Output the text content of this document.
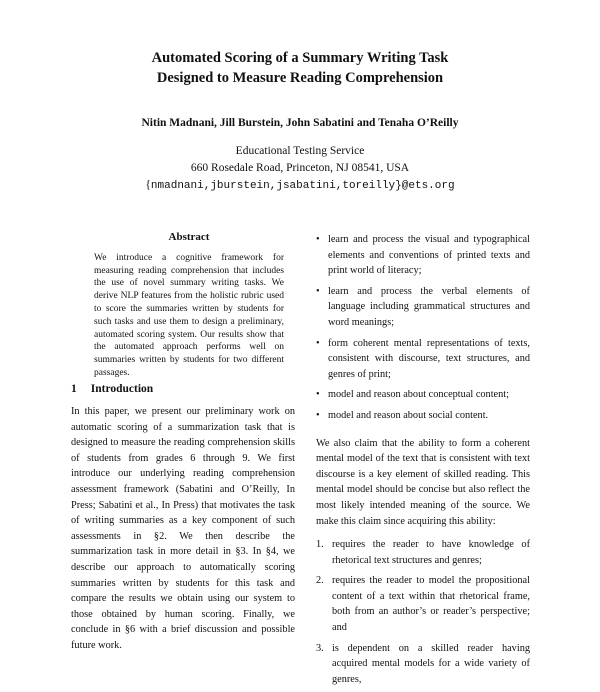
Automated Scoring of a Summary Writing Task
Designed to Measure Reading Comprehension
Nitin Madnani, Jill Burstein, John Sabatini and Tenaha O’Reilly
Educational Testing Service
660 Rosedale Road, Princeton, NJ 08541, USA
{nmadnani,jburstein,jsabatini,toreilly}@ets.org
Abstract

We introduce a cognitive framework for measuring reading comprehension that includes the use of novel summary writing tasks. We derive NLP features from the holistic rubric used to score the summaries written by students for such tasks and use them to design a preliminary, automated scoring system. Our results show that the automated approach performs well on summaries written by students for two different passages.

1 Introduction

In this paper, we present our preliminary work on automatic scoring of a summarization task that is designed to measure the reading comprehension skills of students from grades 6 through 9. We first introduce our underlying reading comprehension assessment framework (Sabatini and O’Reilly, In Press; Sabatini et al., In Press) that motivates the task of writing summaries as a key component of such assessments in §2. We then describe the summarization task in more detail in §3. In §4, we describe our approach to automatically scoring summaries written by students for this task and compare the results we obtain using our system to those obtained by human scoring. Finally, we conclude in §6 with a brief discussion and possible future work.

• learn and process the visual and typographical elements and conventions of printed texts and print world of literacy;
• learn and process the verbal elements of language including grammatical structures and word meanings;
• form coherent mental representations of texts, consistent with discourse, text structures, and genres of print;
• model and reason about conceptual content;
• model and reason about social content.

We also claim that the ability to form a coherent mental model of the text that is consistent with text discourse is a key element of skilled reading. This mental model should be concise but also reflect the most likely intended meaning of the source. We make this claim since acquiring this ability:

1. requires the reader to have knowledge of rhetorical text structures and genres;
2. requires the reader to model the propositional content of a text within that rhetorical frame, both from an author’s or reader’s perspective; and
3. is dependent on a skilled reader having acquired mental models for a wide variety of genres,
